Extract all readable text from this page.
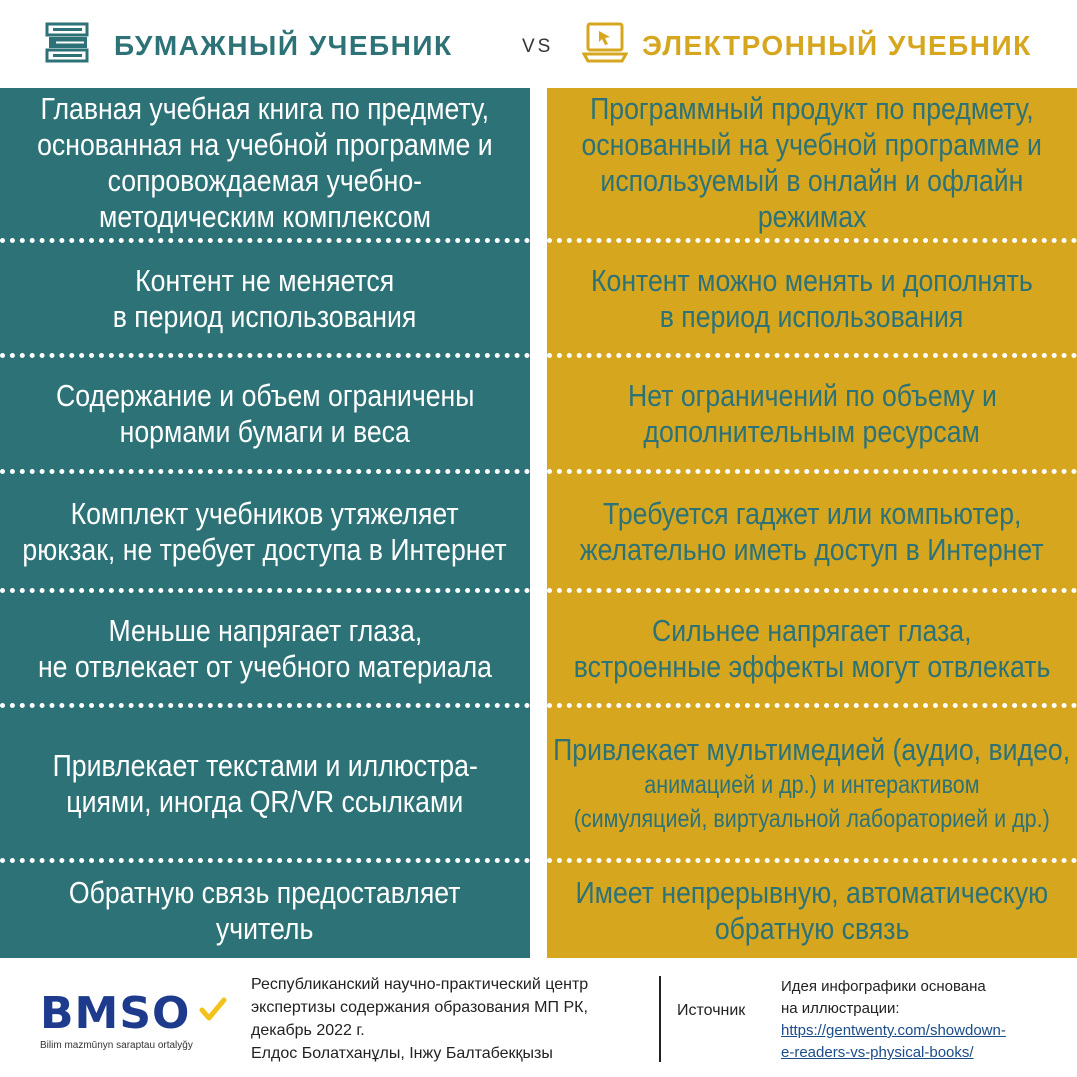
БУМАЖНЫЙ УЧЕБНИК	VS	ЭЛЕКТРОННЫЙ УЧЕБНИК
Главная учебная книга по предмету,
основанная на учебной программе и
сопровождаемая учебно-
методическим комплексом
Контент не меняется
в период использования
Содержание и объем ограничены
нормами бумаги и веса
Комплект учебников утяжеляет
рюкзак, не требует доступа в Интернет
Меньше напрягает глаза,
не отвлекает от учебного материала
Привлекает текстами и иллюстра-
циями, иногда QR/VR ссылками
Обратную связь предоставляет
учитель
Программный продукт по предмету,
основанный на учебной программе и
используемый в онлайн и офлайн
режимах
Контент можно менять и дополнять
в период использования
Нет ограничений по объему и
дополнительным ресурсам
Требуется гаджет или компьютер,
желательно иметь доступ в Интернет
Сильнее напрягает глаза,
встроенные эффекты могут отвлекать
Привлекает мультимедией (аудио, видео,
анимацией и др.) и интерактивом
(симуляцией, виртуальной лабораторией и др.)
Имеет непрерывную, автоматическую
обратную связь
BMSO
Bilim mazmūnyn saraptau ortalyğy
Республиканский научно-практический центр
экспертизы содержания образования МП РК,
декабрь 2022 г.
Елдос Болатханұлы, Інжу Балтабекқызы
Источник
Идея инфографики основана
на иллюстрации:
https://gentwenty.com/showdown-
e-readers-vs-physical-books/
